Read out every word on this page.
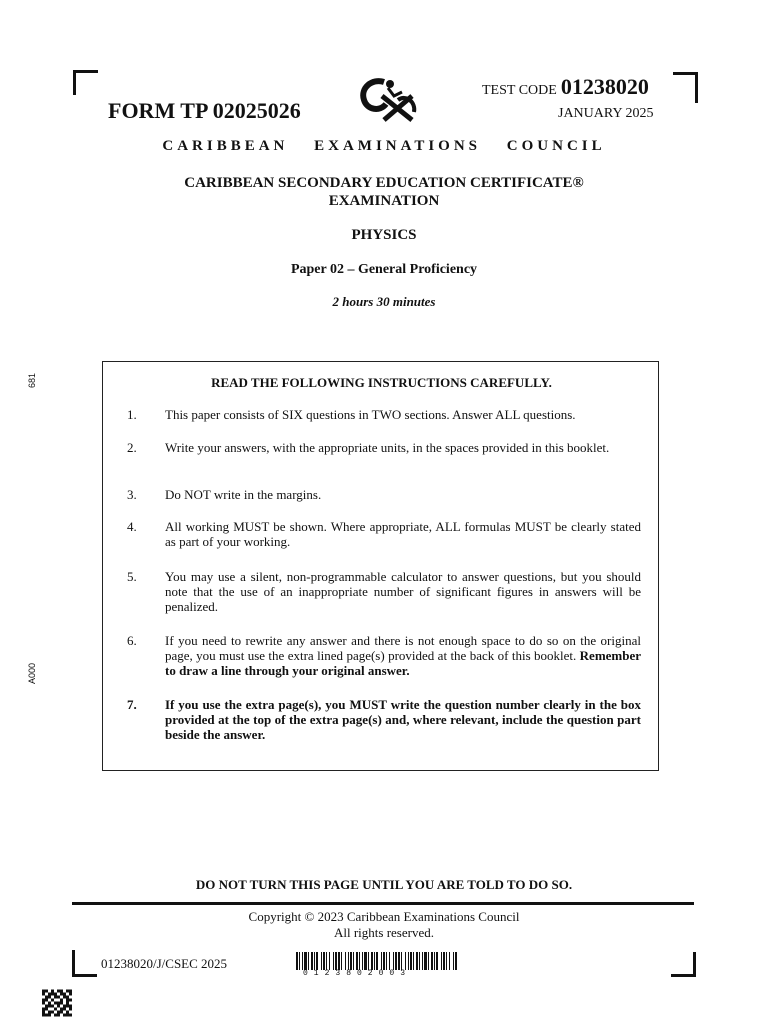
FORM TP 02025026
TEST CODE 01238020
JANUARY 2025
CARIBBEAN EXAMINATIONS COUNCIL
CARIBBEAN SECONDARY EDUCATION CERTIFICATE®
EXAMINATION
PHYSICS
Paper 02 – General Proficiency
2 hours 30 minutes
681
A000
READ THE FOLLOWING INSTRUCTIONS CAREFULLY.
1.	This paper consists of SIX questions in TWO sections. Answer ALL questions.
2.	Write your answers, with the appropriate units, in the spaces provided in this booklet.
3.	Do NOT write in the margins.
4.	All working MUST be shown. Where appropriate, ALL formulas MUST be clearly stated as part of your working.
5.	You may use a silent, non-programmable calculator to answer questions, but you should note that the use of an inappropriate number of significant figures in answers will be penalized.
6.	If you need to rewrite any answer and there is not enough space to do so on the original page, you must use the extra lined page(s) provided at the back of this booklet. Remember to draw a line through your original answer.
7.	If you use the extra page(s), you MUST write the question number clearly in the box provided at the top of the extra page(s) and, where relevant, include the question part beside the answer.
DO NOT TURN THIS PAGE UNTIL YOU ARE TOLD TO DO SO.
Copyright © 2023 Caribbean Examinations Council
All rights reserved.
01238020/J/CSEC 2025
0123802003
